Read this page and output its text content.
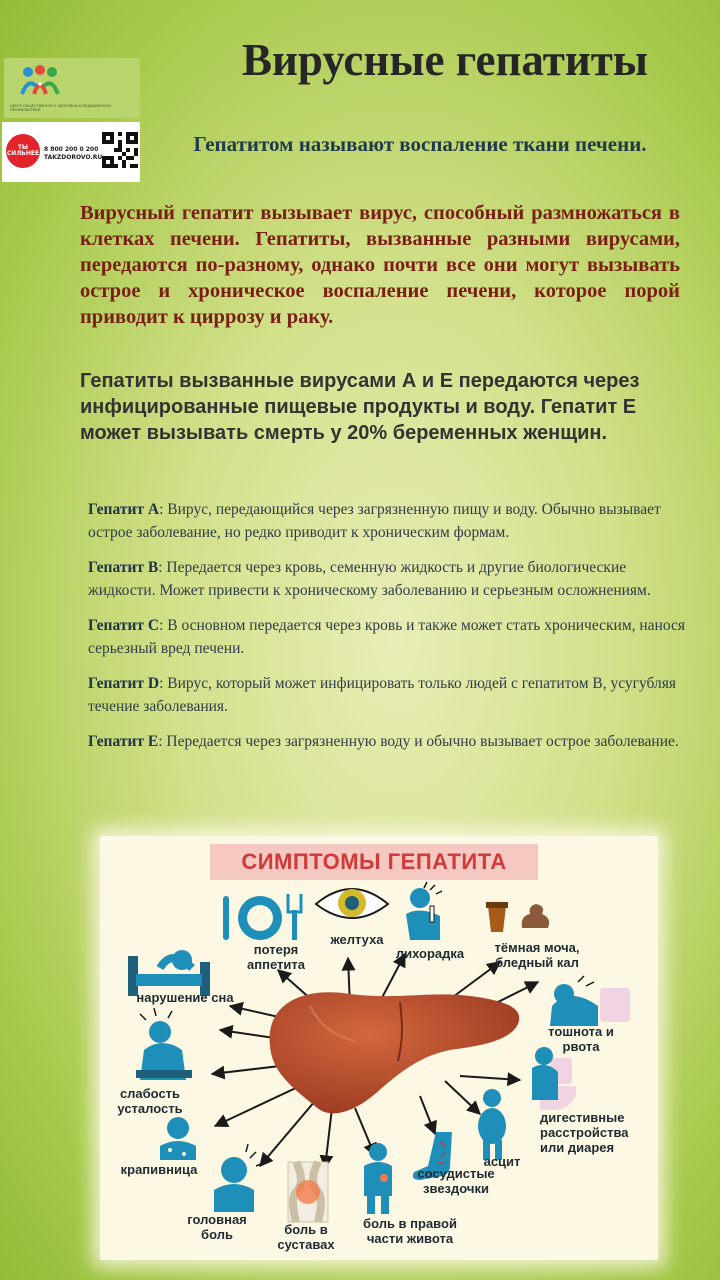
ЦЕНТР ОБЩЕСТВЕННОГО ЗДОРОВЬЯ И МЕДИЦИНСКОЙ ПРОФИЛАКТИКИ
ТЫ СИЛЬНЕЕ
8 800 200 0 200
TAKZDOROVO.RU
Вирусные гепатиты

Гепатитом называют воспаление ткани печени.

Вирусный гепатит вызывает вирус, способный размножаться в клетках печени. Гепатиты, вызванные разными вирусами, передаются по-разному, однако почти все они могут вызывать острое и хроническое воспаление печени, которое порой приводит к циррозу и раку.

Гепатиты вызванные вирусами А и Е передаются через инфицированные пищевые продукты и воду. Гепатит Е может вызывать смерть у 20% беременных женщин.

Гепатит А: Вирус, передающийся через загрязненную пищу и воду. Обычно вызывает острое заболевание, но редко приводит к хроническим формам.

Гепатит В: Передается через кровь, семенную жидкость и другие биологические жидкости. Может привести к хроническому заболеванию и серьезным осложнениям.

Гепатит С: В основном передается через кровь и также может стать хроническим, нанося серьезный вред печени.

Гепатит D: Вирус, который может инфицировать только людей с гепатитом В, усугубляя течение заболевания.

Гепатит Е: Передается через загрязненную воду и обычно вызывает острое заболевание.

СИМПТОМЫ ГЕПАТИТА
потеря
аппетита
желтуха
лихорадка	тёмная моча,
бледный кал
нарушение сна
тошнота и
рвота
слабость
усталость
дигестивные
расстройства
или диарея
крапивница
асцит
сосудистые
звездочки
головная
боль	боль в
суставах
боль в правой
части живота
